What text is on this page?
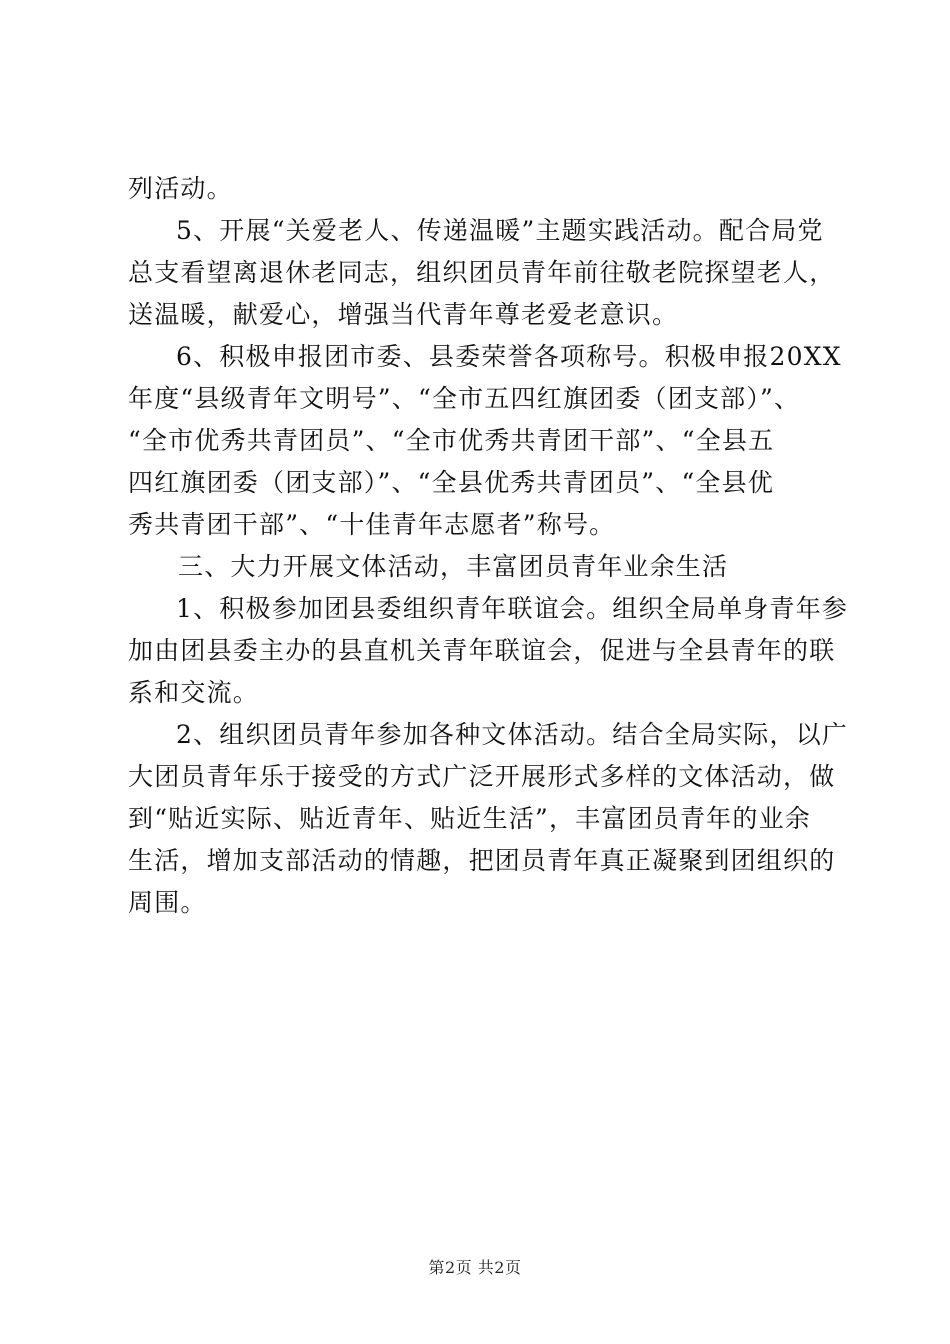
列活动。
5、开展“关爱老人、传递温暖”主题实践活动。配合局党
总支看望离退休老同志，组织团员青年前往敬老院探望老人，
送温暖，献爱心，增强当代青年尊老爱老意识。
6、积极申报团市委、县委荣誉各项称号。积极申报20XX
年度“县级青年文明号”、“全市五四红旗团委（团支部）”、
“全市优秀共青团员”、“全市优秀共青团干部”、“全县五
四红旗团委（团支部）”、“全县优秀共青团员”、“全县优
秀共青团干部”、“十佳青年志愿者”称号。
三、大力开展文体活动，丰富团员青年业余生活
1、积极参加团县委组织青年联谊会。组织全局单身青年参
加由团县委主办的县直机关青年联谊会，促进与全县青年的联
系和交流。
2、组织团员青年参加各种文体活动。结合全局实际，以广
大团员青年乐于接受的方式广泛开展形式多样的文体活动，做
到“贴近实际、贴近青年、贴近生活”，丰富团员青年的业余
生活，增加支部活动的情趣，把团员青年真正凝聚到团组织的
周围。
第2页 共2页
